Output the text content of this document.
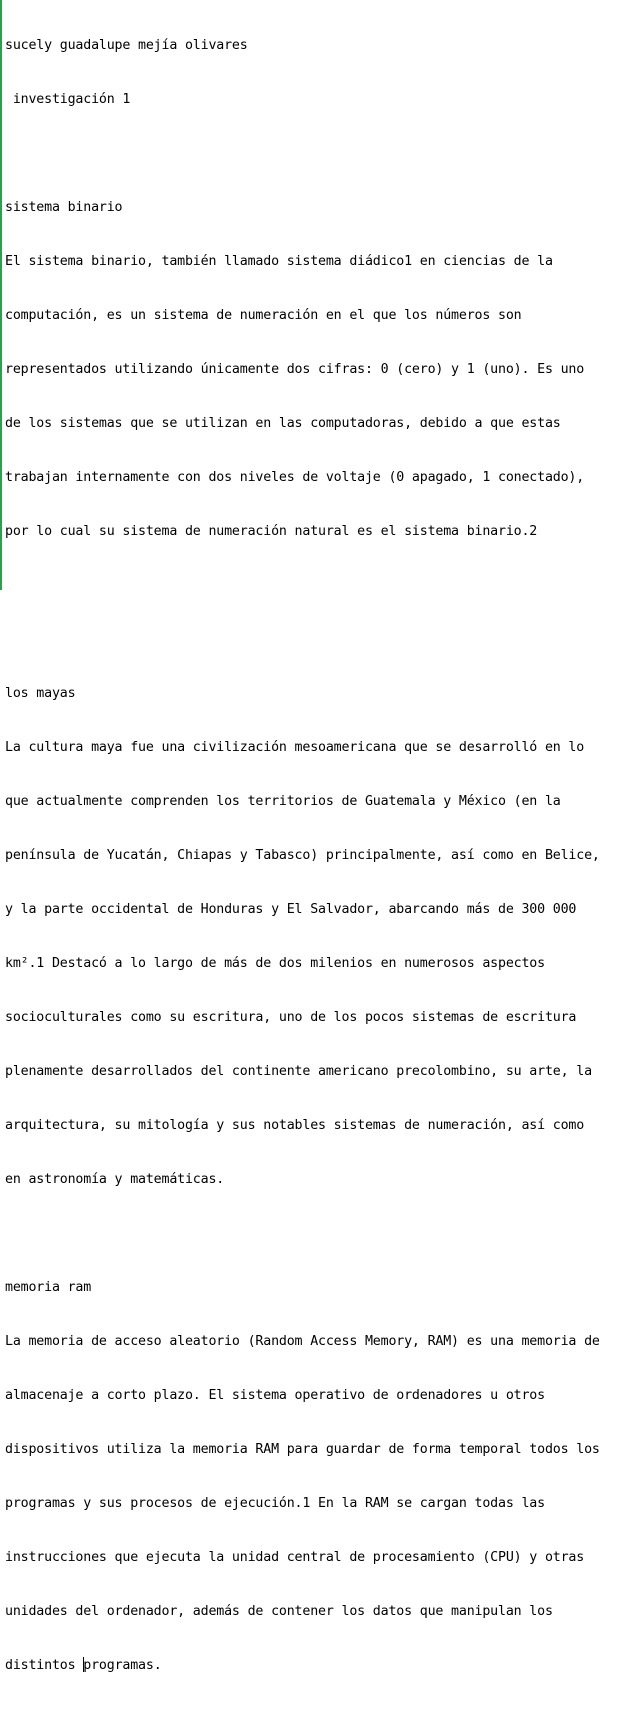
sucely guadalupe mejía olivares

investigación 1

sistema binario

El sistema binario, también llamado sistema diádico1 en ciencias de la

computación, es un sistema de numeración en el que los números son

representados utilizando únicamente dos cifras: 0 (cero) y 1 (uno). Es uno

de los sistemas que se utilizan en las computadoras, debido a que estas

trabajan internamente con dos niveles de voltaje (0 apagado, 1 conectado),

por lo cual su sistema de numeración natural es el sistema binario.2

los mayas

La cultura maya fue una civilización mesoamericana que se desarrolló en lo

que actualmente comprenden los territorios de Guatemala y México (en la

península de Yucatán, Chiapas y Tabasco) principalmente, así como en Belice,

y la parte occidental de Honduras y El Salvador, abarcando más de 300 000

km².1 Destacó a lo largo de más de dos milenios en numerosos aspectos

socioculturales como su escritura, uno de los pocos sistemas de escritura

plenamente desarrollados del continente americano precolombino, su arte, la

arquitectura, su mitología y sus notables sistemas de numeración, así como

en astronomía y matemáticas.

memoria ram

La memoria de acceso aleatorio (Random Access Memory, RAM) es una memoria de

almacenaje a corto plazo. El sistema operativo de ordenadores u otros

dispositivos utiliza la memoria RAM para guardar de forma temporal todos los

programas y sus procesos de ejecución.1 En la RAM se cargan todas las

instrucciones que ejecuta la unidad central de procesamiento (CPU) y otras

unidades del ordenador, además de contener los datos que manipulan los

distintos programas.
